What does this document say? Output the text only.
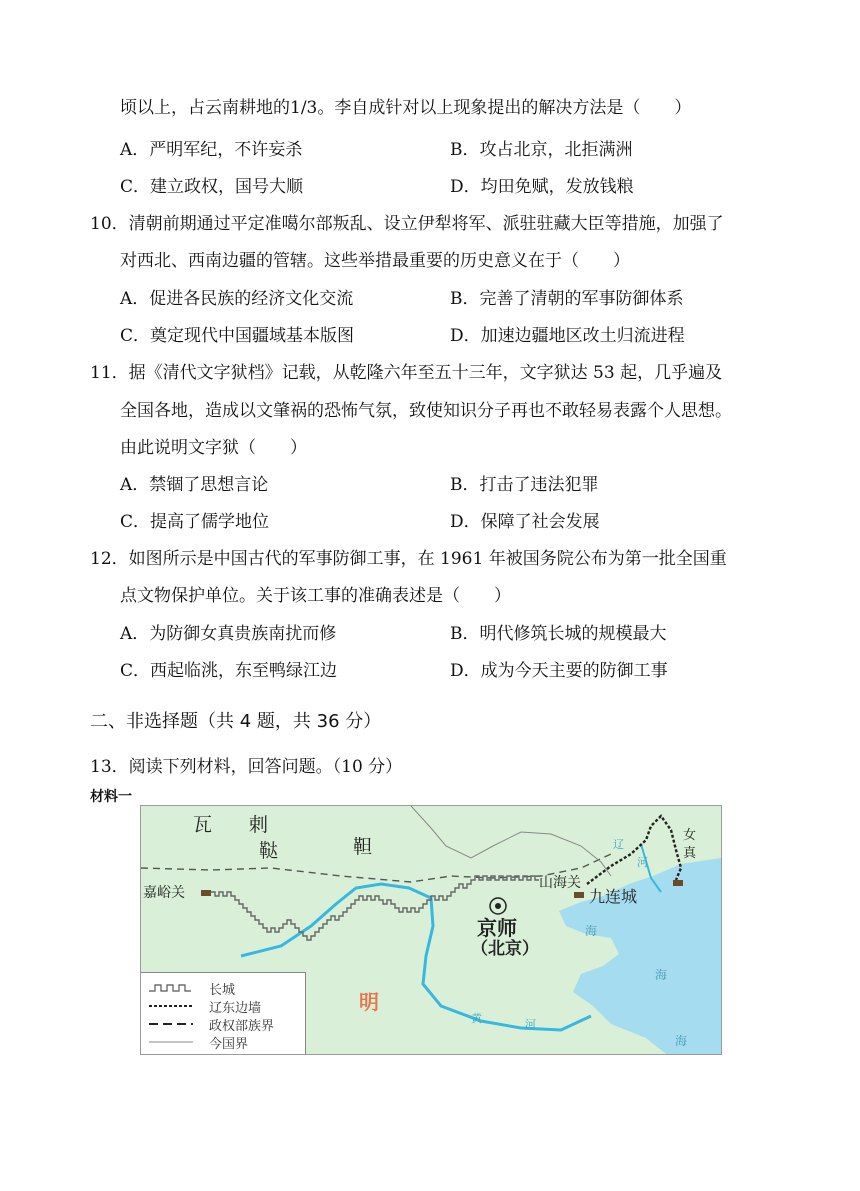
顷以上，占云南耕地的1/3。李自成针对以上现象提出的解决方法是（　　）
A．严明军纪，不许妄杀	B．攻占北京，北拒满洲
C．建立政权，国号大顺	D．均田免赋，发放钱粮
10．清朝前期通过平定准噶尔部叛乱、设立伊犁将军、派驻驻藏大臣等措施，加强了
对西北、西南边疆的管辖。这些举措最重要的历史意义在于（　　）
A．促进各民族的经济文化交流	B．完善了清朝的军事防御体系
C．奠定现代中国疆域基本版图	D．加速边疆地区改土归流进程
11．据《清代文字狱档》记载，从乾隆六年至五十三年，文字狱达 53 起，几乎遍及
全国各地，造成以文肇祸的恐怖气氛，致使知识分子再也不敢轻易表露个人思想。
由此说明文字狱（　　）
A．禁锢了思想言论	B．打击了违法犯罪
C．提高了儒学地位	D．保障了社会发展
12．如图所示是中国古代的军事防御工事，在 1961 年被国务院公布为第一批全国重
点文物保护单位。关于该工事的准确表述是（　　）
A．为防御女真贵族南扰而修	B．明代修筑长城的规模最大
C．西起临洮，东至鸭绿江边	D．成为今天主要的防御工事
二、非选择题（共 4 题，共 36 分）
13．阅读下列材料，回答问题。（10 分）
材料一
瓦 剌
鞑	靼
女
真
嘉峪关
山海关
九连城
京师
（北京）
明
辽
河
海
海
海
黄	河
长城
辽东边墙
政权部族界
今国界
